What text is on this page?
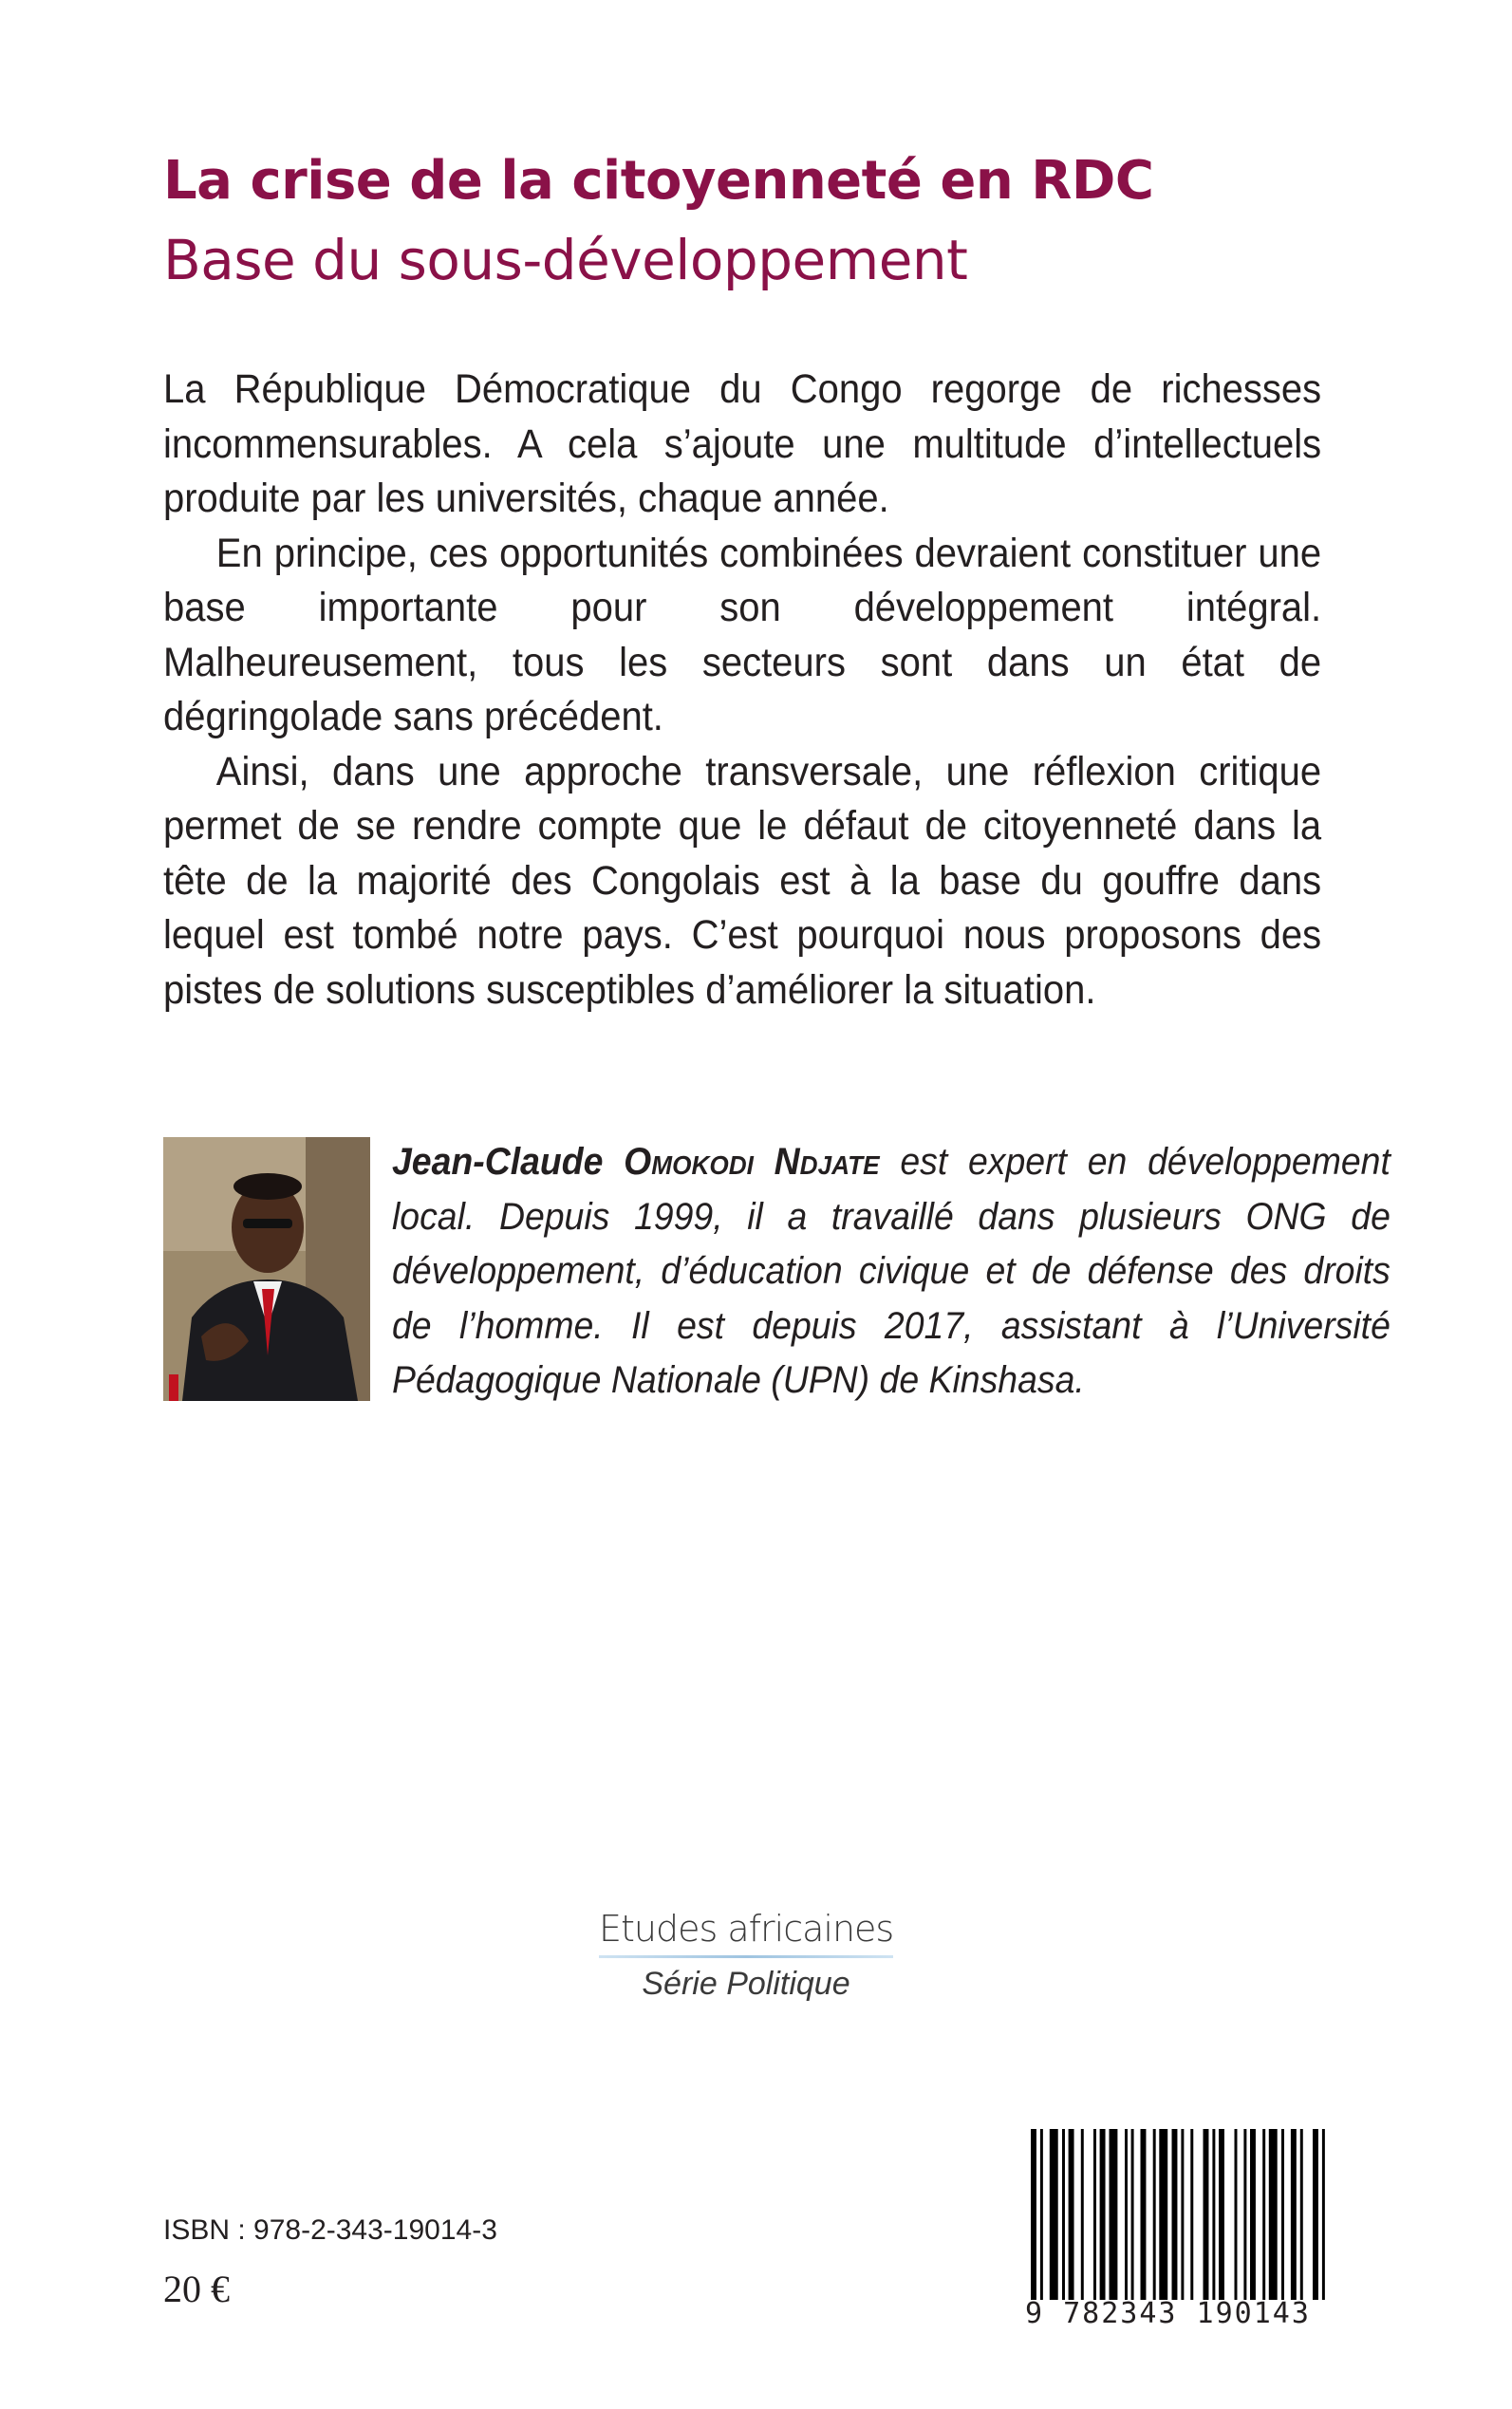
La crise de la citoyenneté en RDC
Base du sous-développement

La République Démocratique du Congo regorge de richesses incommensurables. A cela s’ajoute une multitude d’intellectuels produite par les universités, chaque année.

En principe, ces opportunités combinées devraient constituer une base importante pour son développement intégral. Malheureusement, tous les secteurs sont dans un état de dégringolade sans précédent.

Ainsi, dans une approche transversale, une réflexion critique permet de se rendre compte que le défaut de citoyenneté dans la tête de la majorité des Congolais est à la base du gouffre dans lequel est tombé notre pays. C’est pourquoi nous proposons des pistes de solutions susceptibles d’améliorer la situation.

Jean-Claude Omokodi Ndjate est expert en développement local. Depuis 1999, il a travaillé dans plusieurs ONG de développement, d’éducation civique et de défense des droits de l’homme. Il est depuis 2017, assistant à l’Université Pédagogique Nationale (UPN) de Kinshasa.
Etudes africaines
Série Politique
ISBN : 978-2-343-19014-3
20 €
9 782343 190143
